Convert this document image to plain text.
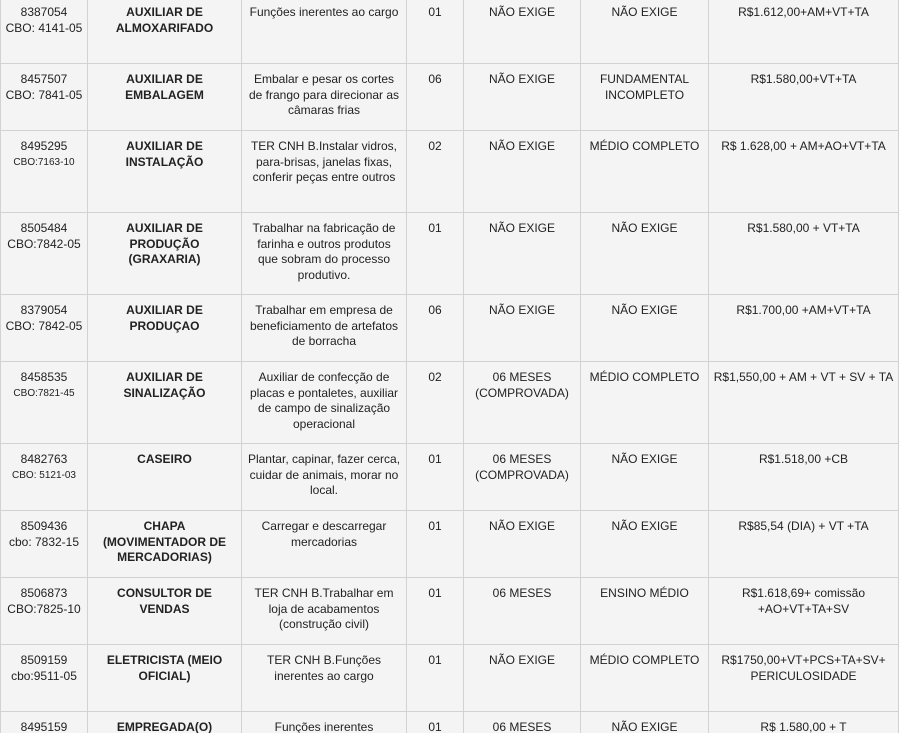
8387054
CBO: 4141-05	AUXILIAR DE ALMOXARIFADO	Funções inerentes ao cargo	01	NÃO EXIGE	NÃO EXIGE	R$1.612,00+AM+VT+TA

8457507
CBO: 7841-05	AUXILIAR DE EMBALAGEM	Embalar e pesar os cortes de frango para direcionar as câmaras frias	06	NÃO EXIGE	FUNDAMENTAL INCOMPLETO	R$1.580,00+VT+TA

8495295
CBO:7163-10	AUXILIAR DE INSTALAÇÃO	TER CNH B.Instalar vidros, para-brisas, janelas fixas, conferir peças entre outros	02	NÃO EXIGE	MÉDIO COMPLETO	R$ 1.628,00 + AM+AO+VT+TA

8505484
CBO:7842-05	AUXILIAR DE PRODUÇÃO (GRAXARIA)	Trabalhar na fabricação de farinha e outros produtos que sobram do processo produtivo.	01	NÃO EXIGE	NÃO EXIGE	R$1.580,00 + VT+TA

8379054
CBO: 7842-05	AUXILIAR DE PRODUÇAO	Trabalhar em empresa de beneficiamento de artefatos de borracha	06	NÃO EXIGE	NÃO EXIGE	R$1.700,00 +AM+VT+TA

8458535
CBO:7821-45	AUXILIAR DE SINALIZAÇÃO	Auxiliar de confecção de placas e pontaletes, auxiliar de campo de sinalização operacional	02	06 MESES (COMPROVADA)	MÉDIO COMPLETO	R$1,550,00 + AM + VT + SV + TA

8482763
CBO: 5121-03	CASEIRO	Plantar, capinar, fazer cerca, cuidar de animais, morar no local.	01	06 MESES (COMPROVADA)	NÃO EXIGE	R$1.518,00 +CB

8509436
cbo: 7832-15	CHAPA (MOVIMENTADOR DE MERCADORIAS)	Carregar e descarregar mercadorias	01	NÃO EXIGE	NÃO EXIGE	R$85,54 (DIA) + VT +TA

8506873
CBO:7825-10	CONSULTOR DE VENDAS	TER CNH B.Trabalhar em loja de acabamentos (construção civil)	01	06 MESES	ENSINO MÉDIO	R$1.618,69+ comissão +AO+VT+TA+SV

8509159
cbo:9511-05	ELETRICISTA (MEIO OFICIAL)	TER CNH B.Funções inerentes ao cargo	01	NÃO EXIGE	MÉDIO COMPLETO	R$1750,00+VT+PCS+TA+SV+ PERICULOSIDADE

8495159	EMPREGADA(O)	Funções inerentes	01	06 MESES	NÃO EXIGE	R$ 1.580,00 + T
